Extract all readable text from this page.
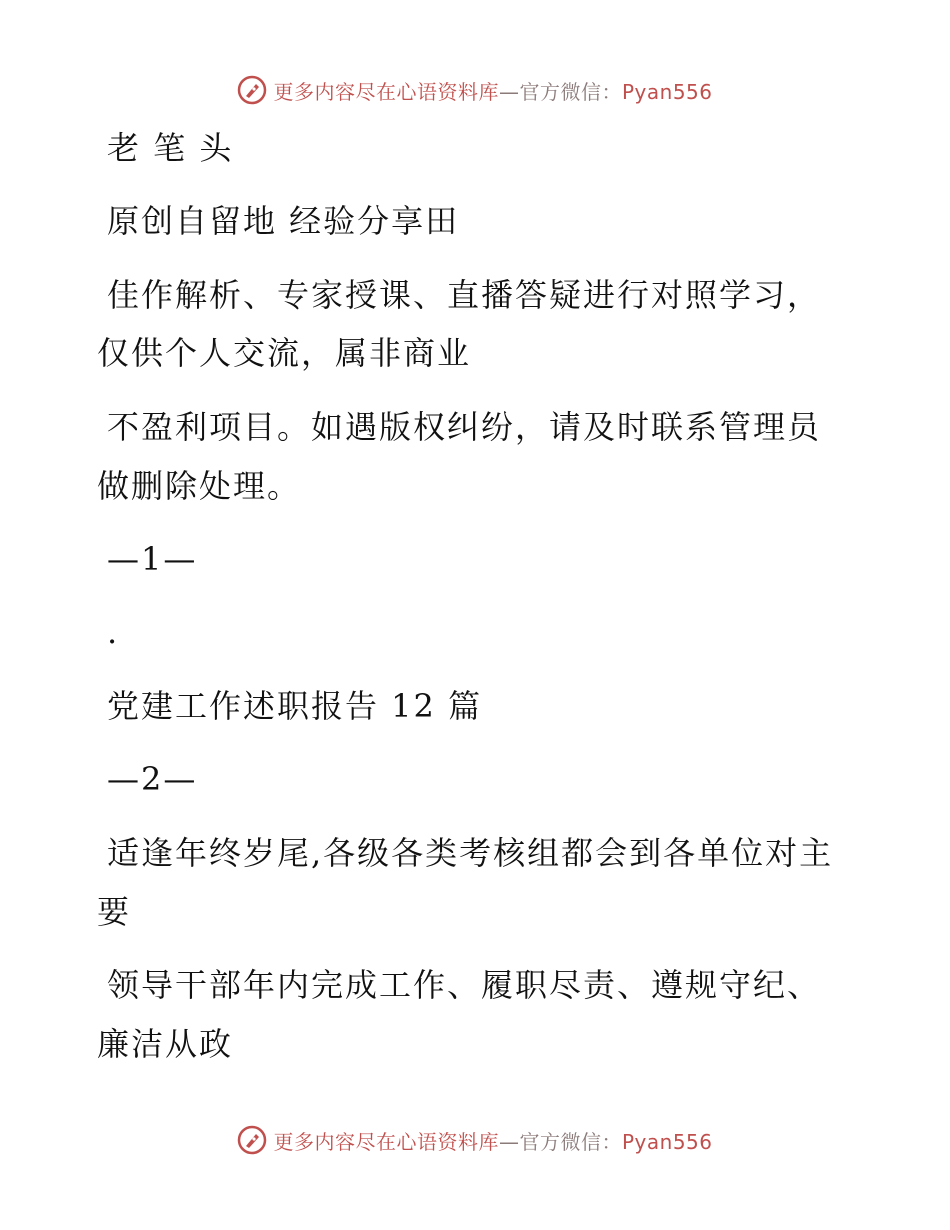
更多内容尽在心语资料库—官方微信：Pyan556
老 笔 头
原创自留地 经验分享田
佳作解析、专家授课、直播答疑进行对照学习，
仅供个人交流，属非商业
不盈利项目。如遇版权纠纷，请及时联系管理员
做删除处理。
—1—
.
党建工作述职报告 12 篇
—2—
适逢年终岁尾,各级各类考核组都会到各单位对主
要
领导干部年内完成工作、履职尽责、遵规守纪、
廉洁从政
更多内容尽在心语资料库—官方微信：Pyan556
